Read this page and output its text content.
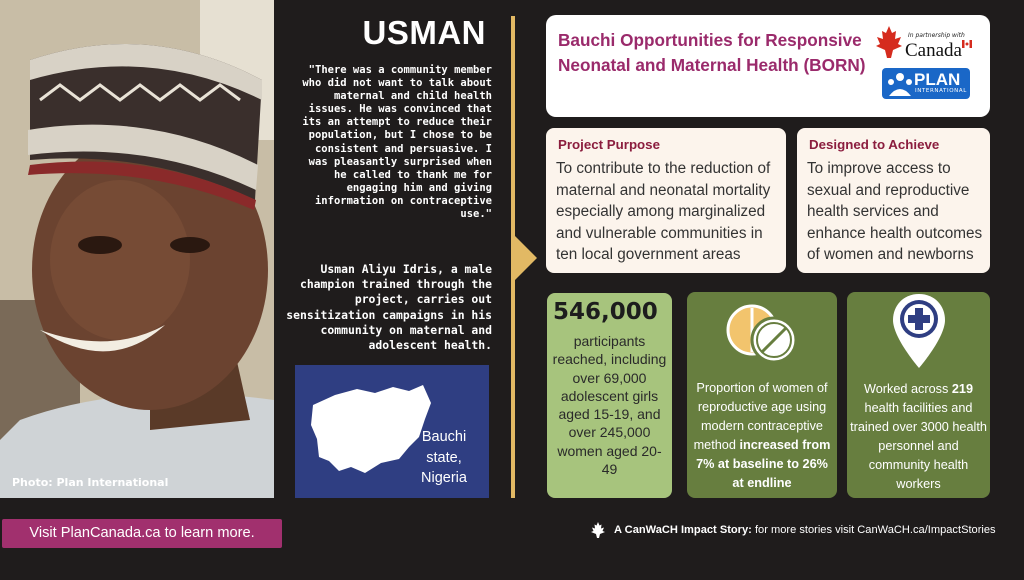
Photo: Plan International
USMAN
"There was a community member who did not want to talk about maternal and child health issues. He was convinced that its an attempt to reduce their population, but I chose to be consistent and persuasive. I was pleasantly surprised when he called to thank me for engaging him and giving information on contraceptive use."
Usman Aliyu Idris, a male champion trained through the project, carries out sensitization campaigns in his community on maternal and adolescent health.
Bauchi state, Nigeria
Bauchi Opportunities for Responsive Neonatal and Maternal Health (BORN)
In partnership with
Canada
PLAN
INTERNATIONAL
Project Purpose
To contribute to the reduction of maternal and neonatal mortality especially among marginalized and vulnerable communities in ten local government areas
Designed to Achieve
To improve access to sexual and reproductive health services and enhance health outcomes of women and newborns
546,000
participants reached, including over 69,000 adolescent girls aged 15-19, and over 245,000 women aged 20-49
Proportion of women of reproductive age using modern contraceptive method increased from 7% at baseline to 26% at endline
Worked across 219 health facilities and trained over 3000 health personnel and community health workers
Visit PlanCanada.ca to learn more.	A CanWaCH Impact Story: for more stories visit CanWaCH.ca/ImpactStories
